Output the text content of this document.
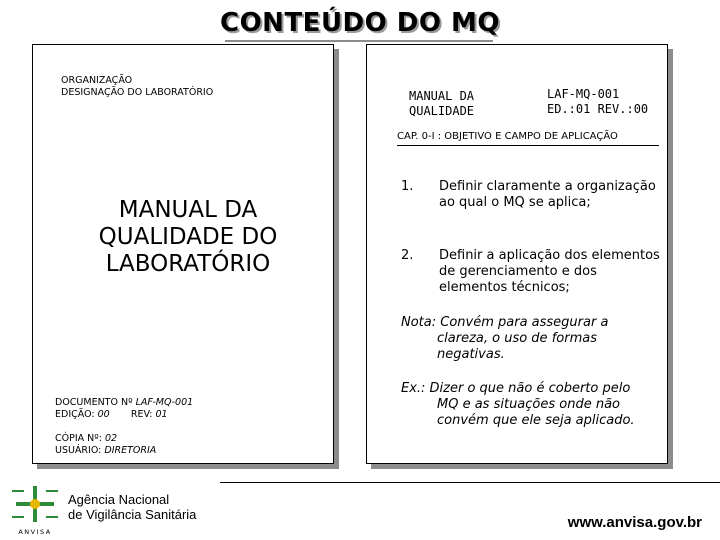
CONTEÚDO DO MQ
ORGANIZAÇÃO
DESIGNAÇÃO DO LABORATÓRIO
MANUAL DA
QUALIDADE DO
LABORATÓRIO
DOCUMENTO Nº LAF-MQ-001
EDIÇÃO: 00 REV: 01
CÓPIA Nº: 02
USUÁRIO: DIRETORIA
MANUAL DA
QUALIDADE
LAF-MQ-001
ED.:01 REV.:00
CAP. 0-I : OBJETIVO E CAMPO DE APLICAÇÃO
1. Definir claramente a organização ao qual o MQ se aplica;
2. Definir a aplicação dos elementos de gerenciamento e dos elementos técnicos;
Nota: Convém para assegurar a
clareza, o uso de formas
negativas.
Ex.: Dizer o que não é coberto pelo
MQ e as situações onde não
convém que ele seja aplicado.
ANVISA
Agência Nacional
de Vigilância Sanitária	www.anvisa.gov.br
